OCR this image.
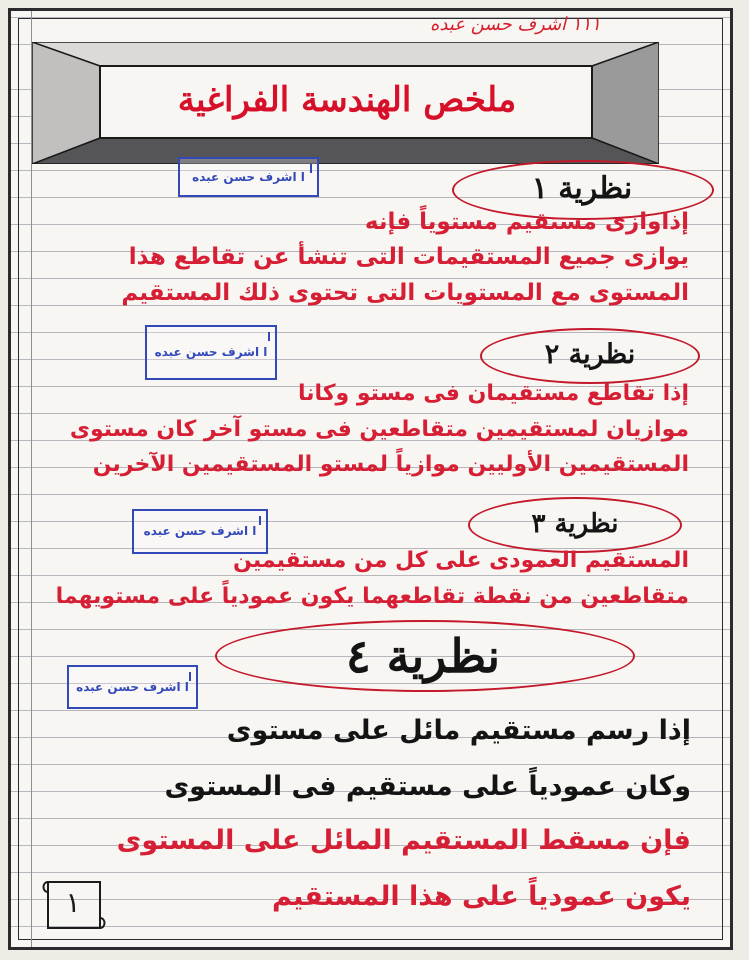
١١١ اشرف حسن عبده
ملخص الهندسة الفراغية
نظرية ١
ا اشرف حسن عبده
إذاوازى مستقيم مستوياً فإنه
يوازى جميع المستقيمات التى تنشأ عن تقاطع هذا
المستوى مع المستويات التى تحتوى ذلك المستقيم
نظرية ٢
ا اشرف حسن عبده
إذا تقاطع مستقيمان فى مستو وكانا
موازيان لمستقيمين متقاطعين فى مستو آخر كان مستوى
المستقيمين الأوليين موازياً لمستو المستقيمين الآخرين
نظرية ٣
ا اشرف حسن عبده
المستقيم العمودى على كل من مستقيمين
متقاطعين من نقطة تقاطعهما يكون عمودياً على مستويهما
نظرية ٤
ا اشرف حسن عبده
إذا رسم مستقيم مائل على مستوى
وكان عمودياً على مستقيم فى المستوى
فإن مسقط المستقيم المائل على المستوى
يكون عمودياً على هذا المستقيم
١
